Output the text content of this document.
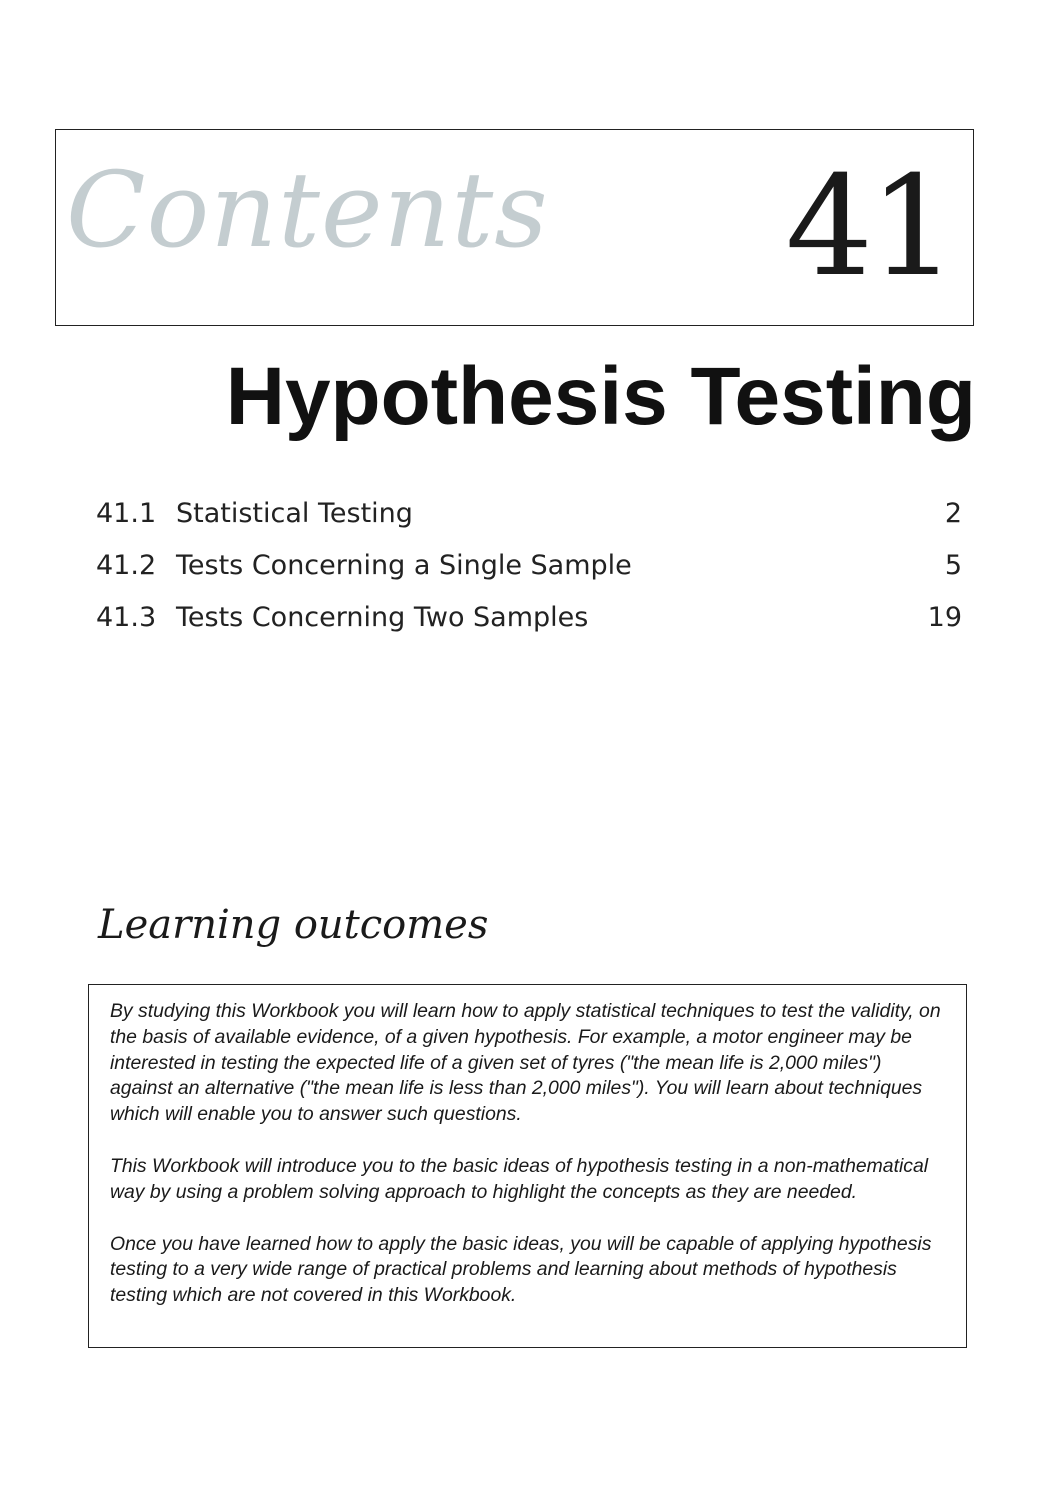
Contents 41
Hypothesis Testing
41.1 Statistical Testing	2
41.2 Tests Concerning a Single Sample	5
41.3 Tests Concerning Two Samples	19
Learning outcomes

By studying this Workbook you will learn how to apply statistical techniques to test the validity, on the basis of available evidence, of a given hypothesis. For example, a motor engineer may be interested in testing the expected life of a given set of tyres ("the mean life is 2,000 miles") against an alternative ("the mean life is less than 2,000 miles"). You will learn about techniques which will enable you to answer such questions.

This Workbook will introduce you to the basic ideas of hypothesis testing in a non-mathematical way by using a problem solving approach to highlight the concepts as they are needed.

Once you have learned how to apply the basic ideas, you will be capable of applying hypothesis testing to a very wide range of practical problems and learning about methods of hypothesis testing which are not covered in this Workbook.
